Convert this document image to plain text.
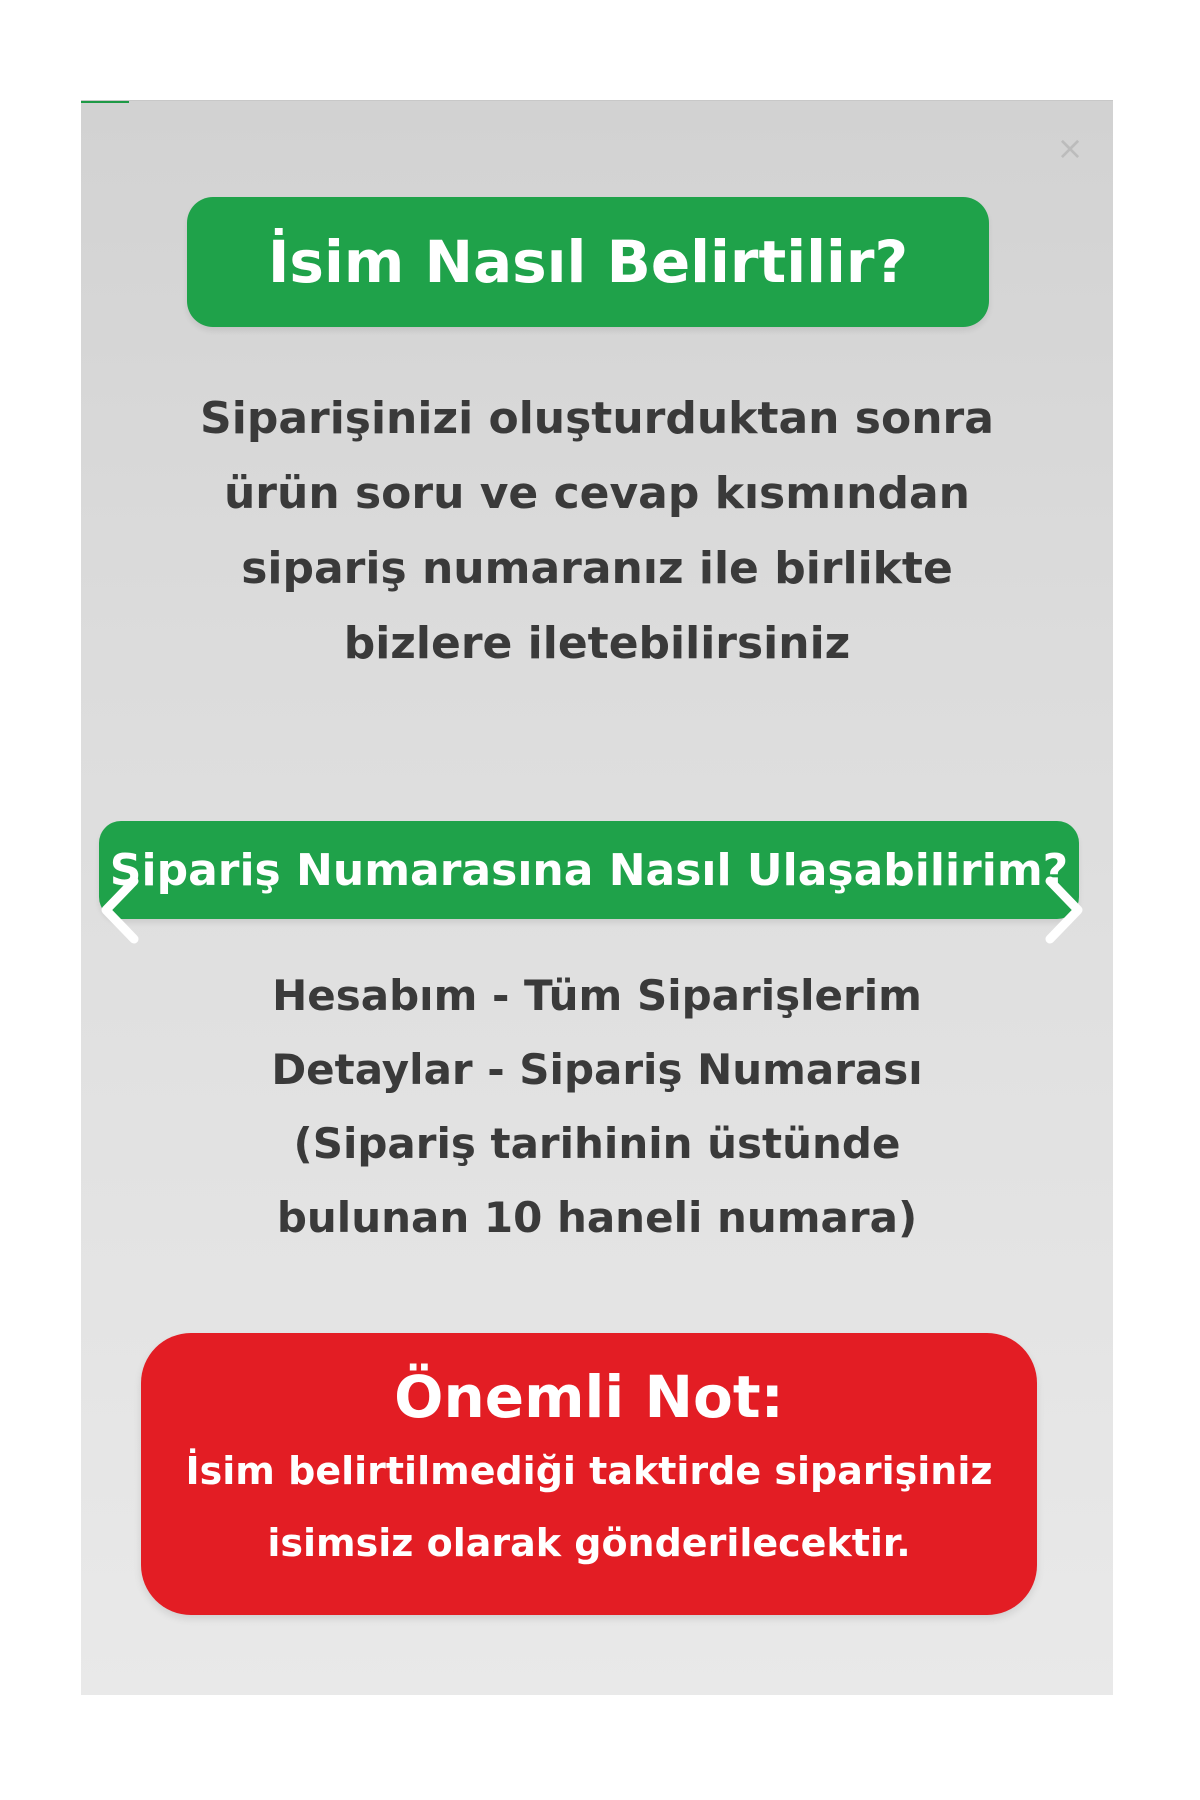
×
İsim Nasıl Belirtilir?

Siparişinizi oluşturduktan sonra

ürün soru ve cevap kısmından

sipariş numaranız ile birlikte

bizlere iletebilirsiniz

Sipariş Numarasına Nasıl Ulaşabilirim?

Hesabım - Tüm Siparişlerim

Detaylar - Sipariş Numarası

(Sipariş tarihinin üstünde

bulunan 10 haneli numara)

Önemli Not:

İsim belirtilmediği taktirde siparişiniz

isimsiz olarak gönderilecektir.
